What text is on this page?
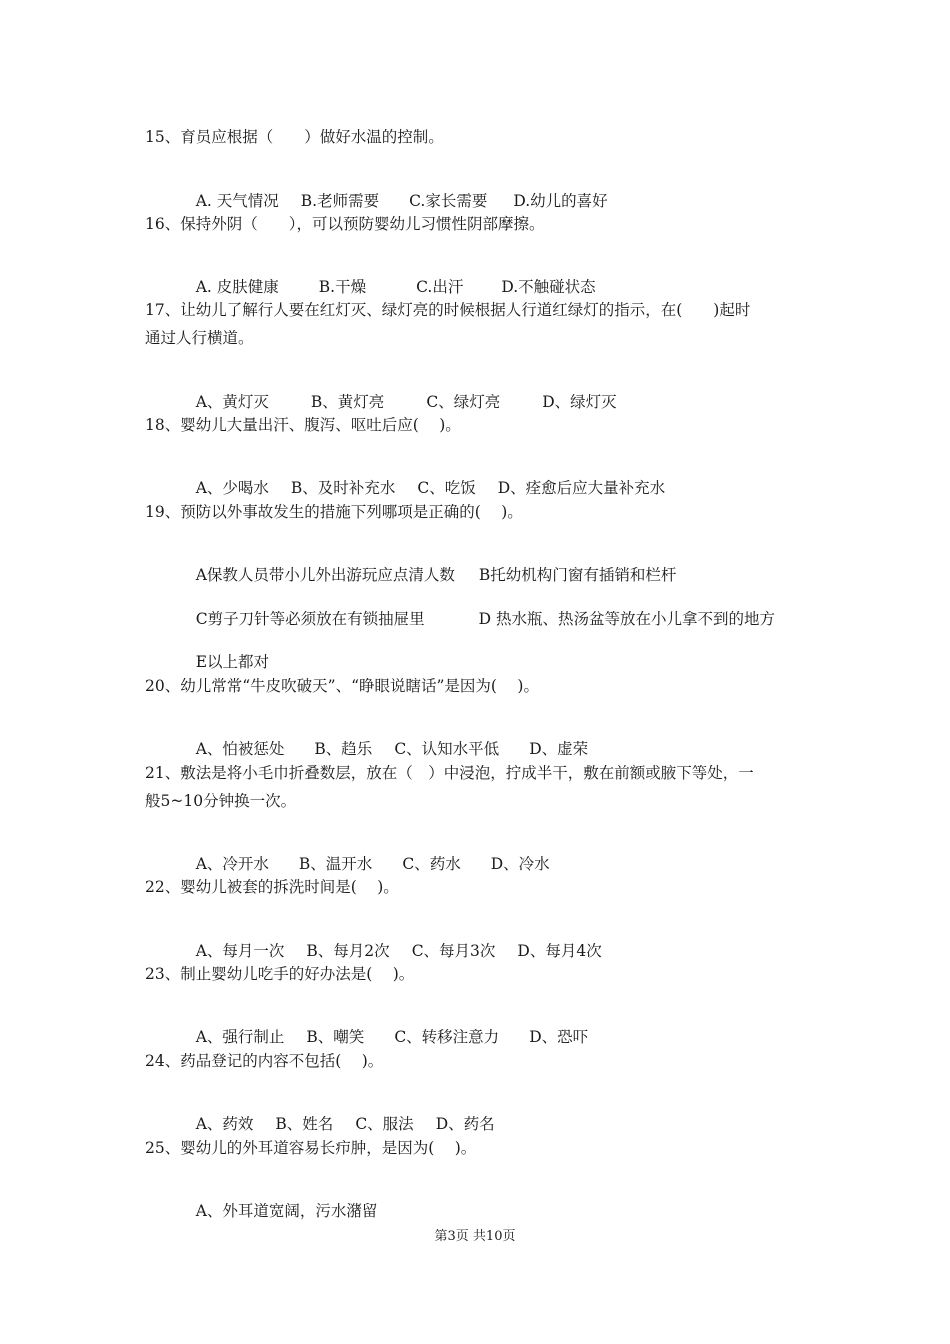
15、育员应根据（　　）做好水温的控制。

A. 天气情况 B.老师需要 C.家长需要 D.幼儿的喜好

16、保持外阴（　　），可以预防婴幼儿习惯性阴部摩擦。

A. 皮肤健康	B.干燥	C.出汗 D.不触碰状态

17、让幼儿了解行人要在红灯灭、绿灯亮的时候根据人行道红绿灯的指示，在(　　)起时
通过人行横道。

A、黄灯灭	B、黄灯亮	C、绿灯亮	D、绿灯灭

18、婴幼儿大量出汗、腹泻、呕吐后应(　 )。

A、少喝水 B、及时补充水 C、吃饭 D、痊愈后应大量补充水

19、预防以外事故发生的措施下列哪项是正确的(　 )。

A保教人员带小儿外出游玩应点清人数 B托幼机构门窗有插销和栏杆

C剪子刀针等必须放在有锁抽屉里	D 热水瓶、热汤盆等放在小儿拿不到的地方

E以上都对

20、幼儿常常“牛皮吹破天”、“睁眼说瞎话”是因为(　 )。

A、怕被惩处 B、趋乐 C、认知水平低 D、虚荣

21、敷法是将小毛巾折叠数层，放在（　）中浸泡，拧成半干，敷在前额或腋下等处，一
般5~10分钟换一次。

A、冷开水 B、温开水 C、药水 D、冷水

22、婴幼儿被套的拆洗时间是(　 )。

A、每月一次 B、每月2次 C、每月3次 D、每月4次

23、制止婴幼儿吃手的好办法是(　 )。

A、强行制止 B、嘲笑 C、转移注意力 D、恐吓

24、药品登记的内容不包括(　 )。

A、药效 B、姓名 C、服法 D、药名

25、婴幼儿的外耳道容易长疖肿，是因为(　 )。

A、外耳道宽阔，污水潴留

第3页 共10页
